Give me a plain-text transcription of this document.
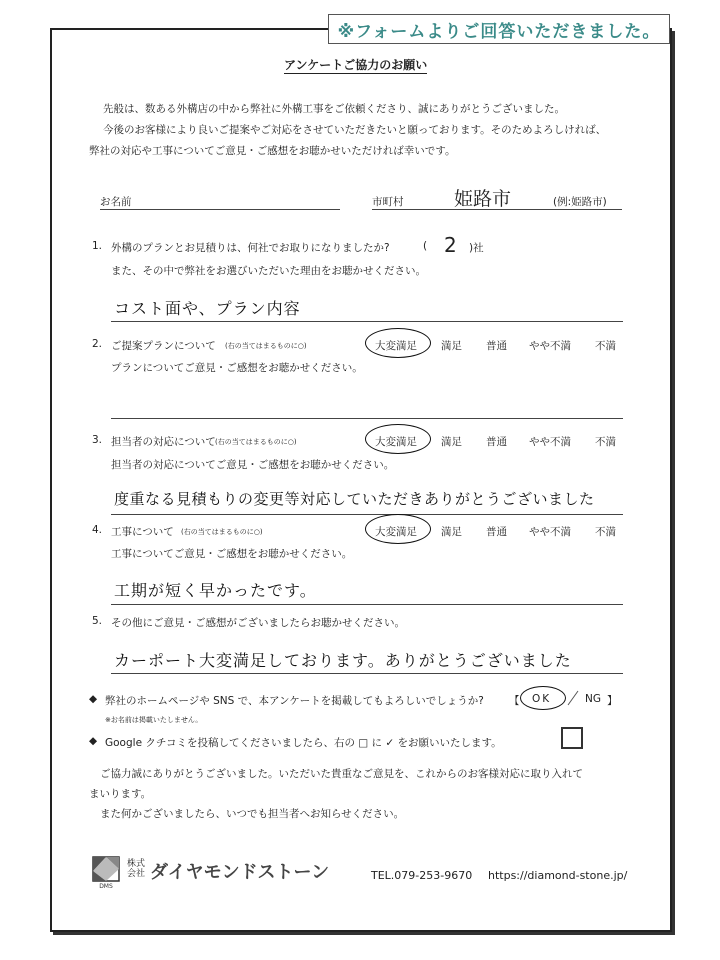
※フォームよりご回答いただきました。
アンケートご協力のお願い
先般は、数ある外構店の中から弊社に外構工事をご依頼くださり、誠にありがとうございました。
今後のお客様により良いご提案やご対応をさせていただきたいと願っております。そのためよろしければ、
弊社の対応や工事についてご意見・ご感想をお聴かせいただければ幸いです。
お名前	市町村	姫路市	(例:姫路市)
1. 外構のプランとお見積りは、何社でお取りになりましたか?	( 2 )社
また、その中で弊社をお選びいただいた理由をお聴かせください。
コスト面や、プラン内容
2. ご提案プランについて (右の当てはまるものに○)	大変満足 満足 普通 やや不満 不満
プランについてご意見・ご感想をお聴かせください。
3. 担当者の対応について (右の当てはまるものに○)	大変満足 満足 普通 やや不満 不満
担当者の対応についてご意見・ご感想をお聴かせください。
度重なる見積もりの変更等対応していただきありがとうございました
4. 工事について (右の当てはまるものに○)	大変満足 満足 普通 やや不満 不満
工事についてご意見・ご感想をお聴かせください。
工期が短く早かったです。
5. その他にご意見・ご感想がございましたらお聴かせください。
カーポート大変満足しております。ありがとうございました
◆ 弊社のホームページや SNS で、本アンケートを掲載してもよろしいでしょうか? 【 OK	NG 】
※お名前は掲載いたしません。
◆ Google クチコミを投稿してくださいましたら、右の □ に ✓ をお願いいたします。
ご協力誠にありがとうございました。いただいた貴重なご意見を、これからのお客様対応に取り入れて
まいります。
また何かございましたら、いつでも担当者へお知らせください。
DMS
株式
会社 ダイヤモンドストーン	TEL.079-253-9670 https://diamond-stone.jp/
